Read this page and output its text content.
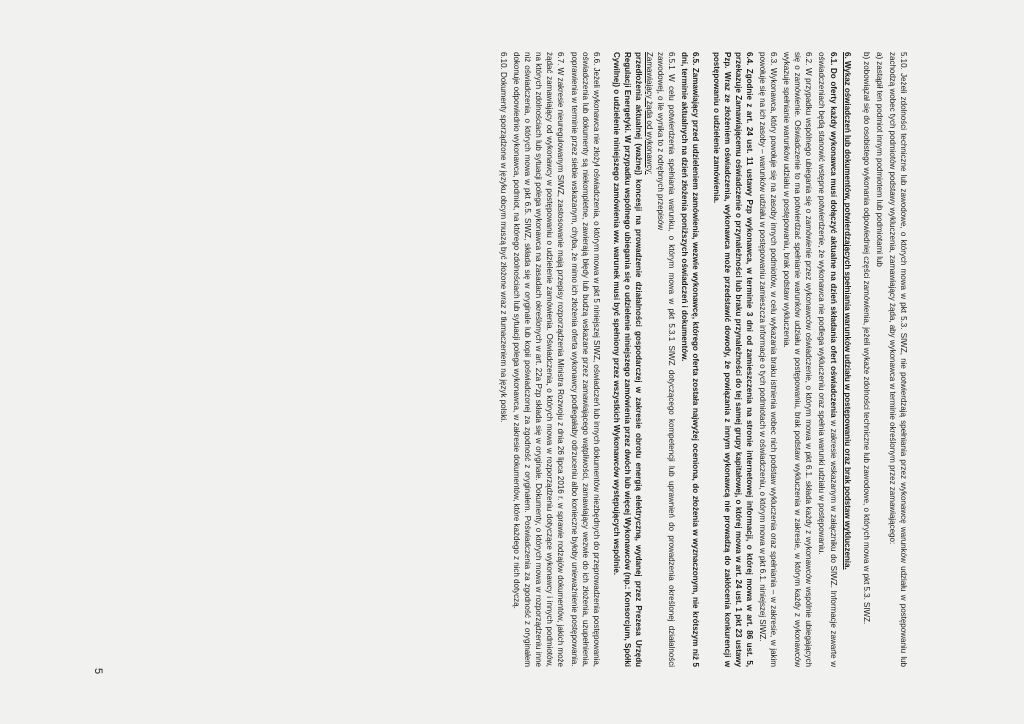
5.10. Jeżeli zdolności techniczne lub zawodowe, o których mowa w pkt 5.3. SIWZ, nie potwierdzają spełniania przez wykonawcę warunków udziału w postępowaniu lub zachodzą wobec tych podmiotów podstawy wykluczenia, zamawiający żąda, aby wykonawca w terminie określonym przez zamawiającego:

a) zastąpił ten podmiot innym podmiotem lub podmiotami lub

b) zobowiązał się do osobistego wykonania odpowiedniej części zamówienia, jeżeli wykaże zdolności techniczne lub zawodowe, o których mowa w pkt 5.3. SIWZ.

6. Wykaz oświadczeń lub dokumentów, potwierdzających spełniania warunków udziału w postępowaniu oraz brak podstaw wykluczenia.

6.1. Do oferty każdy wykonawca musi dołączyć aktualne na dzień składania ofert oświadczenia w zakresie wskazanym w załączniku do SIWZ. Informacje zawarte w oświadczeniach będą stanowić wstępne potwierdzenie, że wykonawca nie podlega wykluczeniu oraz spełnia warunki udziału w postępowaniu.

6.2. W przypadku wspólnego ubiegania się o zamówienie przez wykonawców oświadczenie, o którym mowa w pkt 6.1. składa każdy z wykonawców wspólnie ubiegających się o zamówienie. Oświadczenie to ma potwierdzać spełnianie warunków udziału w postępowaniu, brak podstaw wykluczenia w zakresie, w którym każdy z wykonawców wykazuje spełnianie warunków udziału w postępowaniu, brak podstaw wykluczenia.

6.3. Wykonawca, który powołuje się na zasoby innych podmiotów, w celu wykazania braku istnienia wobec nich podstaw wykluczenia oraz spełniania – w zakresie, w jakim powołuje się na ich zasoby – warunków udziału w postępowaniu zamieszcza informacje o tych podmiotach w oświadczeniu, o którym mowa w pkt 6.1. niniejszej SIWZ.

6.4. Zgodnie z art. 24 ust. 11 ustawy Pzp wykonawca, w terminie 3 dni od zamieszczenia na stronie internetowej informacji, o której mowa w art. 86 ust. 5, przekazuje Zamawiającemu oświadczenie o przynależności lub braku przynależności do tej samej grupy kapitałowej, o której mowa w art. 24 ust. 1 pkt 23 ustawy Pzp. Wraz ze złożeniem oświadczenia, wykonawca może przedstawić dowody, że powiązania z innym wykonawcą nie prowadzą do zakłócenia konkurencji w postępowaniu o udzielenie zamówienia.

6.5. Zamawiający przed udzieleniem zamówienia, wezwie wykonawcę, którego oferta została najwyżej oceniona, do złożenia w wyznaczonym, nie krótszym niż 5 dni, terminie aktualnych na dzień złożenia poniższych oświadczeń i dokumentów.

6.5.1 W celu potwierdzenia spełniania warunku, o którym mowa w pkt 5.3.1 SIWZ dotyczącego kompetencji lub uprawnień do prowadzenia określonej działalności zawodowej, o ile wynika to z odrębnych przepisów
Zamawiający żąda od wykonawcy:
przedłożenia aktualnej (ważnej) koncesji na prowadzenie działalności gospodarczej w zakresie obrotu energią elektryczną, wydanej przez Prezesa Urzędu Regulacji Energetyki. W przypadku wspólnego ubiegania się o udzielenie niniejszego zamówienia przez dwóch lub więcej Wykonawców (np.: Konsorcjum, Spółki Cywilnej) o udzielenie niniejszego zamówienia ww. warunek musi być spełniony przez wszystkich Wykonawców występujących wspólnie.

6.6. Jeżeli wykonawca nie złożył oświadczenia, o którym mowa w pkt 5 niniejszej SIWZ, oświadczeń lub innych dokumentów niezbędnych do przeprowadzenia postępowania, oświadczenia lub dokumenty są niekompletne, zawierają błędy lub budzą wskazane przez zamawiającego wątpliwości, zamawiający wezwie do ich złożenia, uzupełnienia, poprawienia w terminie przez siebie wskazanym, chyba, że mimo ich złożenia oferta wykonawcy podlegałaby odrzuceniu albo konieczne byłoby unieważnienie postępowania.

6.7. W zakresie nieuregulowanym SIWZ, zastosowanie mają przepisy rozporządzenia Ministra Rozwoju z dnia 26 lipca 2016 r. w sprawie rodzajów dokumentów, jakich może żądać zamawiający od wykonawcy w postępowaniu o udzielenie zamówienia. Oświadczenia, o których mowa w rozporządzeniu dotyczące wykonawcy i innych podmiotów, na których zdolnościach lub sytuacji polega wykonawca na zasadach określonych w art. 22a Pzp składa się w oryginale. Dokumenty, o których mowa w rozporządzeniu inne niż oświadczenia, o których mowa w pkt 6.5. SIWZ, składa się w oryginale lub kopii poświadczonej za zgodność z oryginałem. Poświadczenia za zgodność z oryginałem dokonuje odpowiednio wykonawca, podmiot, na którego zdolnościach lub sytuacji polega wykonawca, w zakresie dokumentów, które każdego z nich dotyczą.

6.10. Dokumenty sporządzone w języku obcym muszą być złożone wraz z tłumaczeniem na język polski.

5
